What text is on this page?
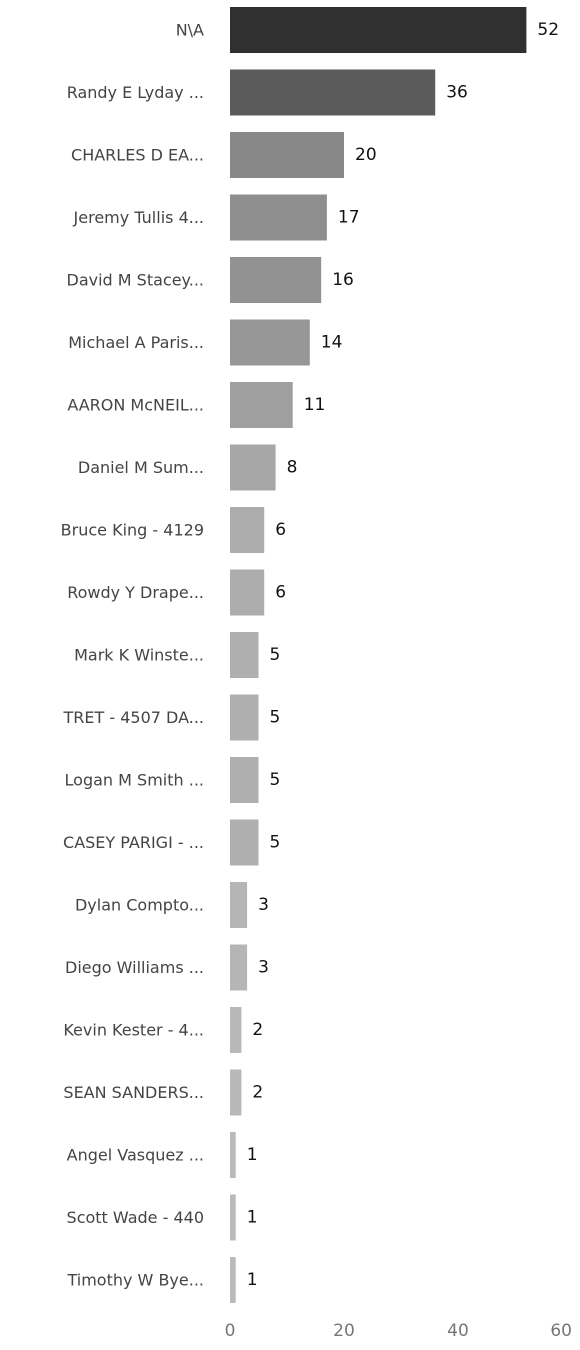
N\A
Randy E Lyday ...
CHARLES D EA...
Jeremy Tullis 4...
David M Stacey...
Michael A Paris...
AARON McNEIL...
Daniel M Sum...
Bruce King - 4129
Rowdy Y Drape...
Mark K Winste...
TRET - 4507 DA...
Logan M Smith ...
CASEY PARIGI - ...
Dylan Compto...
Diego Williams ...
Kevin Kester - 4...
SEAN SANDERS...
Angel Vasquez ...
Scott Wade - 440
Timothy W Bye...
52
36
20
17
16
14
11
8
6
6
5
5
5
5
3
3
2
2
1
1
1
0	20	40	60
